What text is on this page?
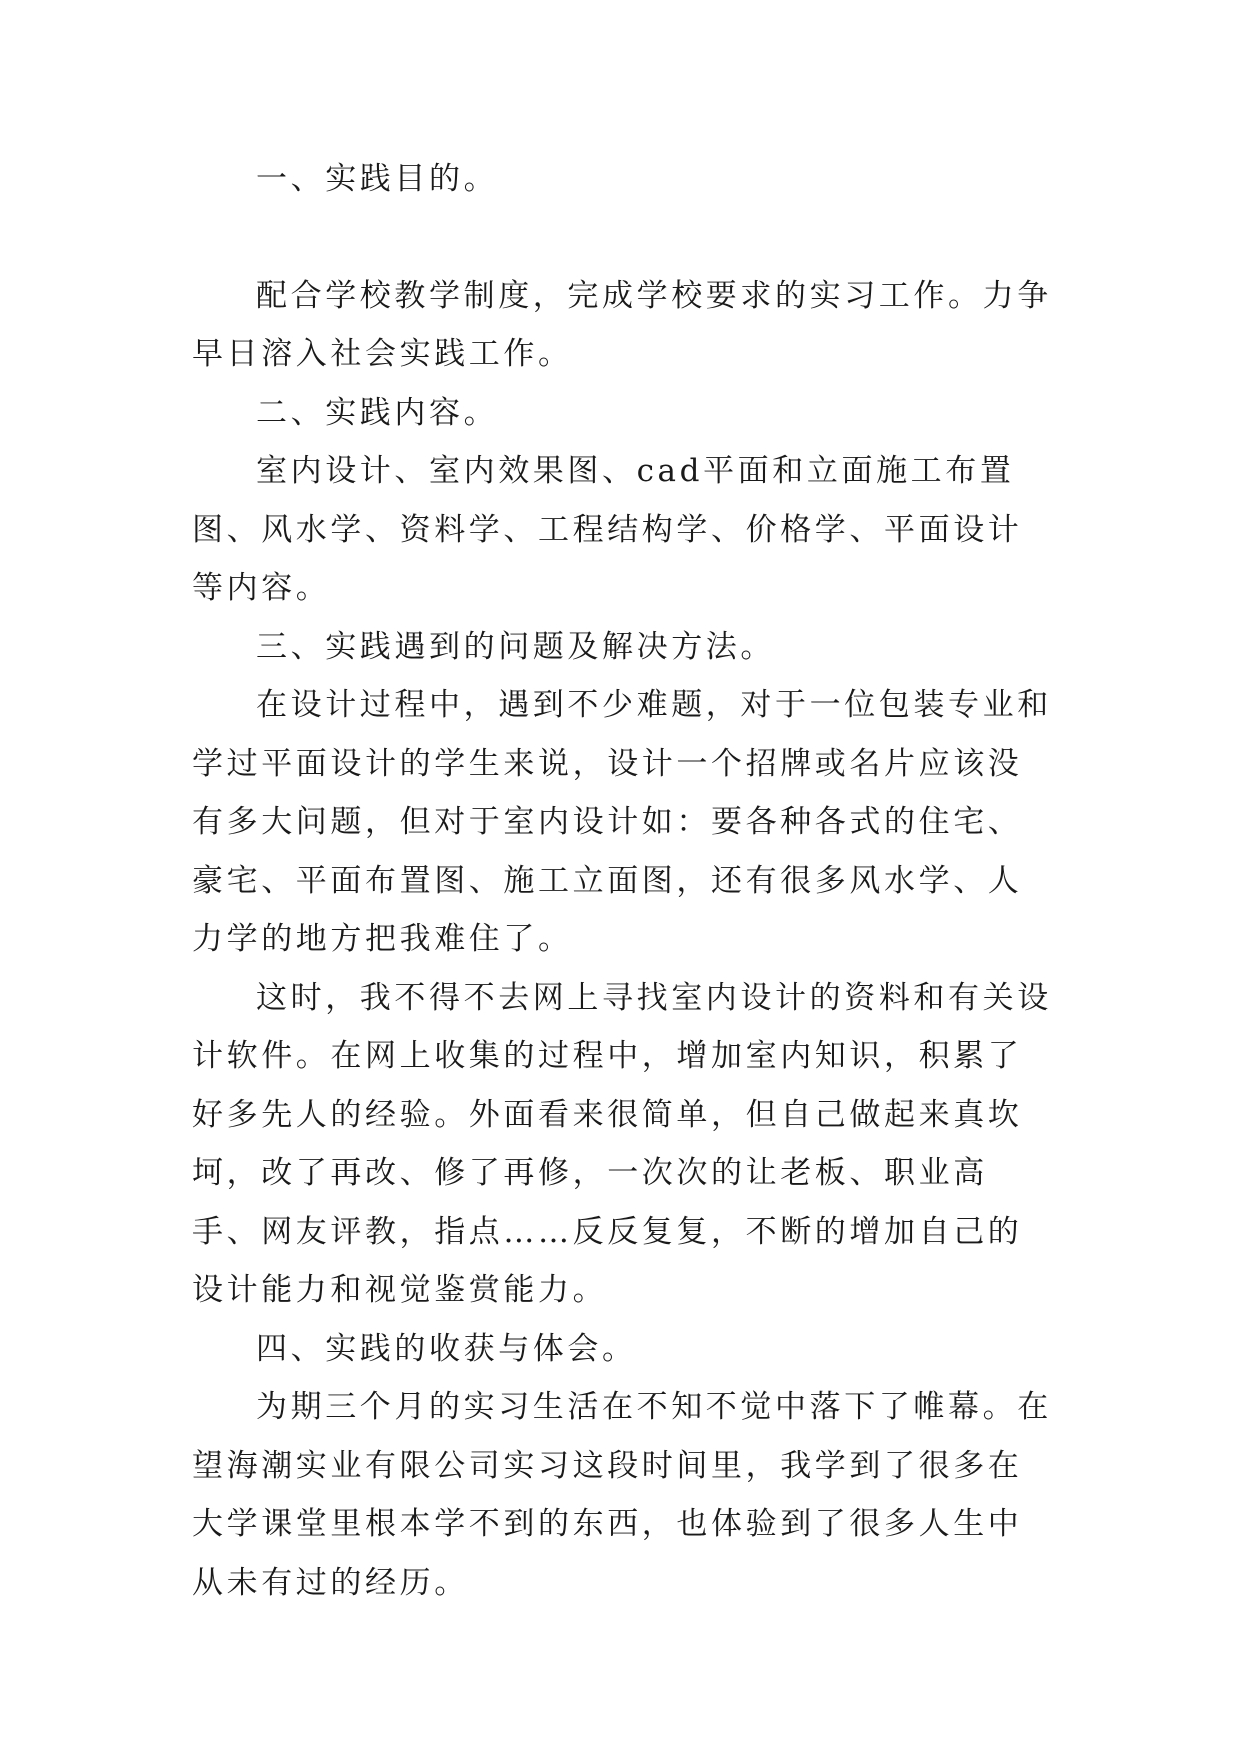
一、实践目的。

配合学校教学制度，完成学校要求的实习工作。力争早日溶入社会实践工作。

二、实践内容。

室内设计、室内效果图、cad平面和立面施工布置图、风水学、资料学、工程结构学、价格学、平面设计等内容。

三、实践遇到的问题及解决方法。

在设计过程中，遇到不少难题，对于一位包装专业和学过平面设计的学生来说，设计一个招牌或名片应该没有多大问题，但对于室内设计如：要各种各式的住宅、豪宅、平面布置图、施工立面图，还有很多风水学、人力学的地方把我难住了。

这时，我不得不去网上寻找室内设计的资料和有关设计软件。在网上收集的过程中，增加室内知识，积累了好多先人的经验。外面看来很简单，但自己做起来真坎坷，改了再改、修了再修，一次次的让老板、职业高手、网友评教，指点……反反复复，不断的增加自己的设计能力和视觉鉴赏能力。

四、实践的收获与体会。

为期三个月的实习生活在不知不觉中落下了帷幕。在望海潮实业有限公司实习这段时间里，我学到了很多在大学课堂里根本学不到的东西，也体验到了很多人生中从未有过的经历。
